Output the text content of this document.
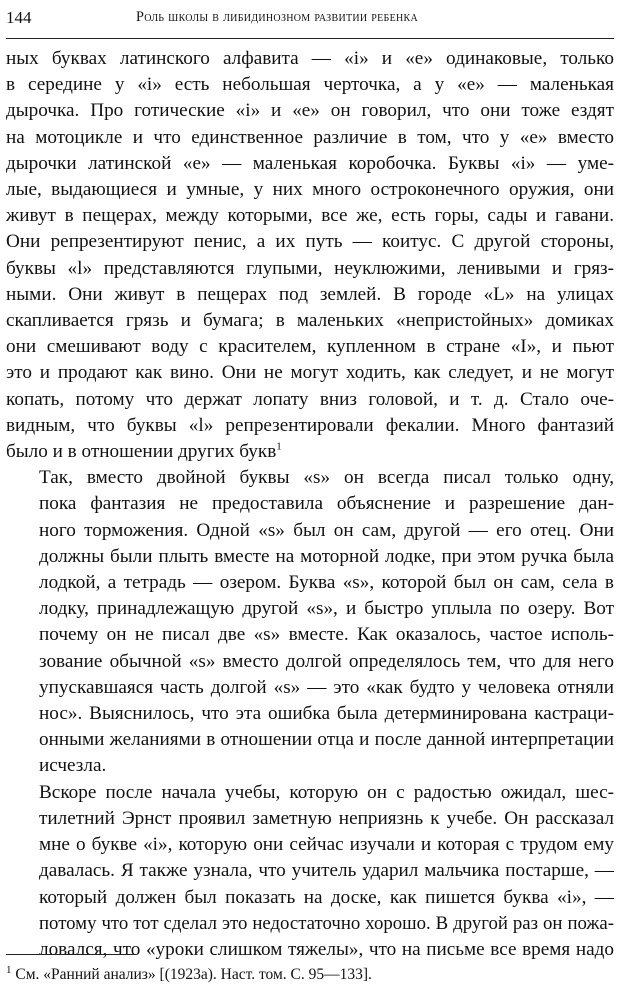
144	Роль школы в либидинозном развитии ребенка

ных буквах латинского алфавита — «i» и «e» одинаковые, только
в середине у «i» есть небольшая черточка, а у «e» — маленькая
дырочка. Про готические «i» и «e» он говорил, что они тоже ездят
на мотоцикле и что единственное различие в том, что у «e» вместо
дырочки латинской «e» — маленькая коробочка. Буквы «i» — уме-
лые, выдающиеся и умные, у них много остроконечного оружия, они
живут в пещерах, между которыми, все же, есть горы, сады и гавани.
Они репрезентируют пенис, а их путь — коитус. С другой стороны,
буквы «l» представляются глупыми, неуклюжими, ленивыми и гряз-
ными. Они живут в пещерах под землей. В городе «L» на улицах
скапливается грязь и бумага; в маленьких «непристойных» домиках
они смешивают воду с красителем, купленном в стране «I», и пьют
это и продают как вино. Они не могут ходить, как следует, и не могут
копать, потому что держат лопату вниз головой, и т. д. Стало оче-
видным, что буквы «l» репрезентировали фекалии. Много фантазий
было и в отношении других букв$^1$

Так, вместо двойной буквы «s» он всегда писал только одну,
пока фантазия не предоставила объяснение и разрешение дан-
ного торможения. Одной «s» был он сам, другой — его отец. Они
должны были плыть вместе на моторной лодке, при этом ручка была
лодкой, а тетрадь — озером. Буква «s», которой был он сам, села в
лодку, принадлежащую другой «s», и быстро уплыла по озеру. Вот
почему он не писал две «s» вместе. Как оказалось, частое исполь-
зование обычной «s» вместо долгой определялось тем, что для него
упускавшаяся часть долгой «s» — это «как будто у человека отняли
нос». Выяснилось, что эта ошибка была детерминирована кастраци-
онными желаниями в отношении отца и после данной интерпретации
исчезла.

Вскоре после начала учебы, которую он с радостью ожидал, шес-
тилетний Эрнст проявил заметную неприязнь к учебе. Он рассказал
мне о букве «i», которую они сейчас изучали и которая с трудом ему
давалась. Я также узнала, что учитель ударил мальчика постарше, —
который должен был показать на доске, как пишется буква «i», —
потому что тот сделал это недостаточно хорошо. В другой раз он пожа-
ловался, что «уроки слишком тяжелы», что на письме все время надо

$^1$ См. «Ранний анализ» [(1923a). Наст. том. С. 95—133].
